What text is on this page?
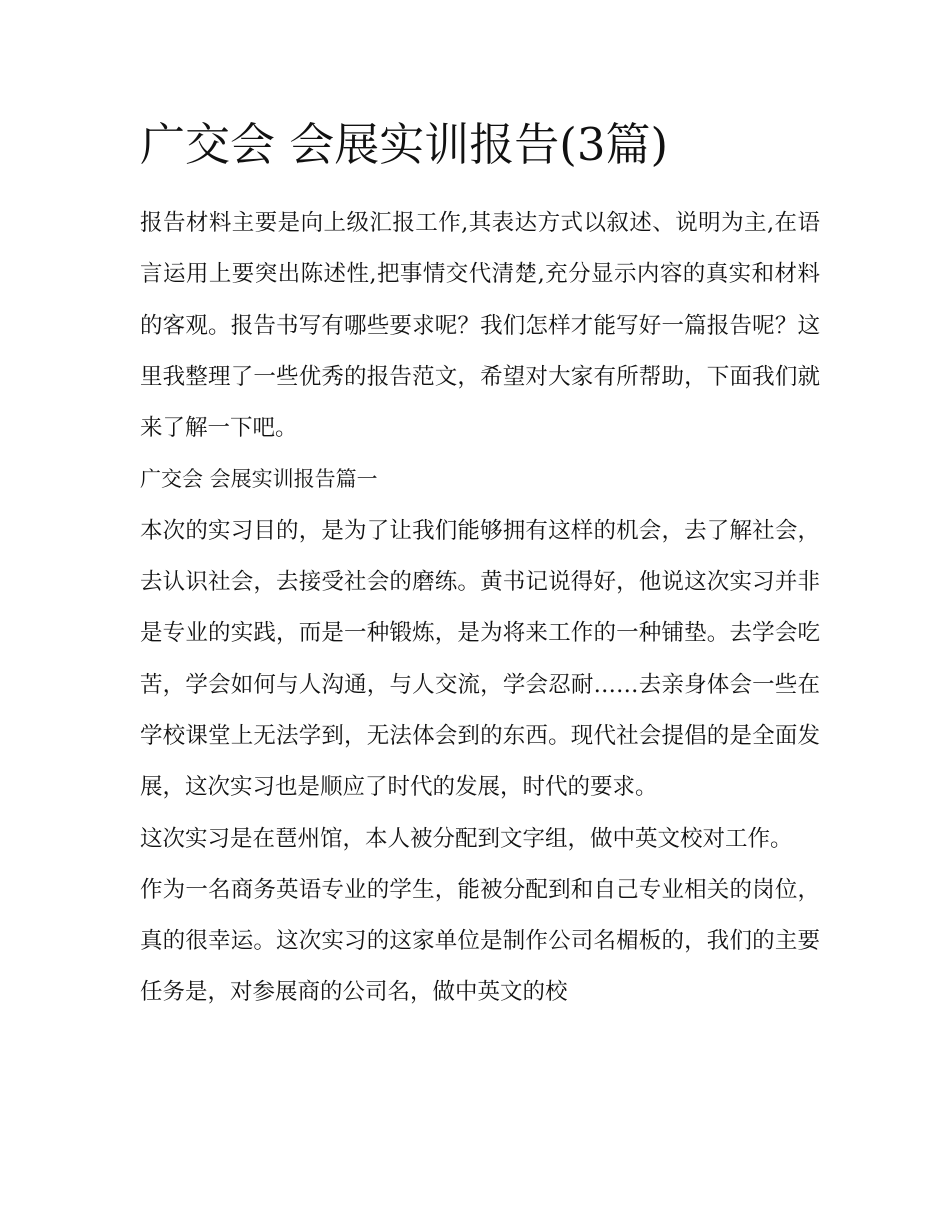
广交会 会展实训报告(3篇)

报告材料主要是向上级汇报工作,其表达方式以叙述、说明为主,在语言运用上要突出陈述性,把事情交代清楚,充分显示内容的真实和材料的客观。报告书写有哪些要求呢？我们怎样才能写好一篇报告呢？这里我整理了一些优秀的报告范文，希望对大家有所帮助，下面我们就来了解一下吧。

广交会 会展实训报告篇一

本次的实习目的，是为了让我们能够拥有这样的机会，去了解社会，去认识社会，去接受社会的磨练。黄书记说得好，他说这次实习并非是专业的实践，而是一种锻炼，是为将来工作的一种铺垫。去学会吃苦，学会如何与人沟通，与人交流，学会忍耐……去亲身体会一些在学校课堂上无法学到，无法体会到的东西。现代社会提倡的是全面发展，这次实习也是顺应了时代的发展，时代的要求。

这次实习是在琶州馆，本人被分配到文字组，做中英文校对工作。

作为一名商务英语专业的学生，能被分配到和自己专业相关的岗位，真的很幸运。这次实习的这家单位是制作公司名楣板的，我们的主要任务是，对参展商的公司名，做中英文的校
